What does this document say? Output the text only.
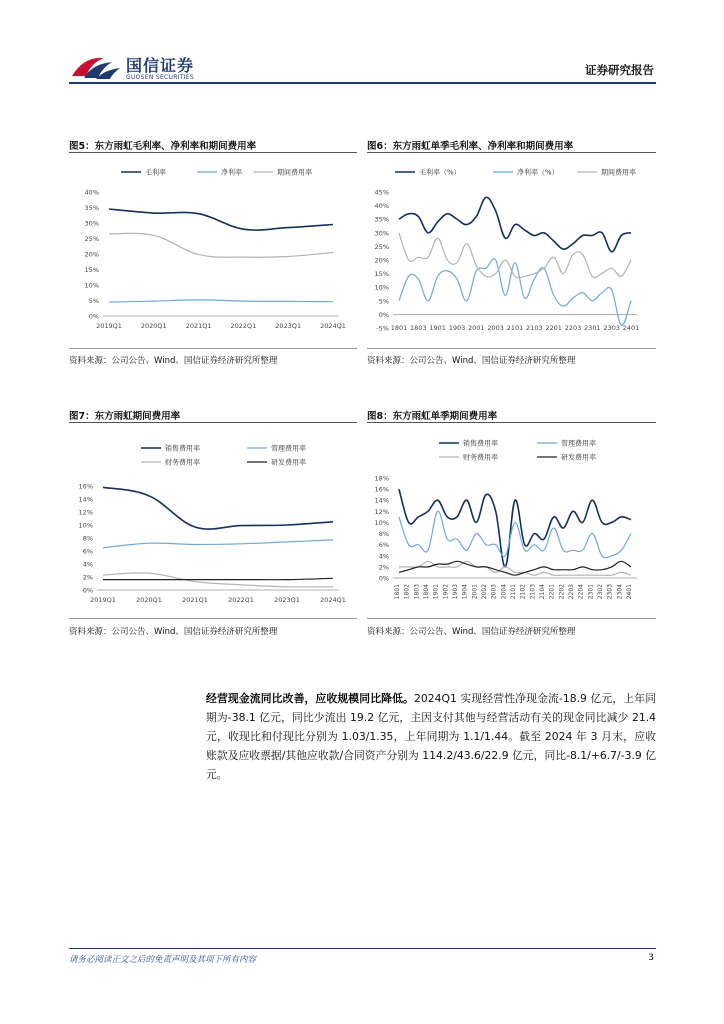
国信证券
GUOSEN SECURITIES
证券研究报告
图5：东方雨虹毛利率、净利率和期间费用率
0%
5%
10%
15%
20%
25%
30%
35%
40%
2019Q1	2020Q1	2021Q1	2022Q1	2023Q1	2024Q1
毛利率	净利率	期间费用率
资料来源：公司公告、Wind、国信证券经济研究所整理
图6：东方雨虹单季毛利率、净利率和期间费用率
-5%
0%
5%
10%
15%
20%
25%
30%
35%
40%
45%
1801 1803 1901 1903 2001 2003 2101 2103 2201 2203 2301 2303 2401
毛利率（%）	净利率（%）	期间费用率
资料来源：公司公告、Wind、国信证券经济研究所整理
图7：东方雨虹期间费用率
0%
2%
4%
6%
8%
10%
12%
14%
16%
2019Q1	2020Q1	2021Q1	2022Q1	2023Q1	2024Q1
销售费用率	管理费用率
财务费用率	研发费用率
资料来源：公司公告、Wind、国信证券经济研究所整理
图8：东方雨虹单季期间费用率
0%
2%
4%
6%
8%
10%
12%
14%
16%
18%
1801 1802 1803 1804 1901 1902 1903 1904 2001 2002 2003 2004 2101 2102 2103 2104 2201 2202 2203 2204 2301 2302 2303 2304 2401
销售费用率	管理费用率
财务费用率	研发费用率
资料来源：公司公告、Wind、国信证券经济研究所整理
经营现金流同比改善，应收规模同比降低。2024Q1 实现经营性净现金流-18.9 亿元，上年同期为-38.1 亿元，同比少流出 19.2 亿元，主因支付其他与经营活动有关的现金同比减少 21.4 元，收现比和付现比分别为 1.03/1.35，上年同期为 1.1/1.44。截至 2024 年 3 月末，应收账款及应收票据/其他应收款/合同资产分别为 114.2/43.6/22.9 亿元，同比-8.1/+6.7/-3.9 亿元。
请务必阅读正文之后的免责声明及其项下所有内容	3
